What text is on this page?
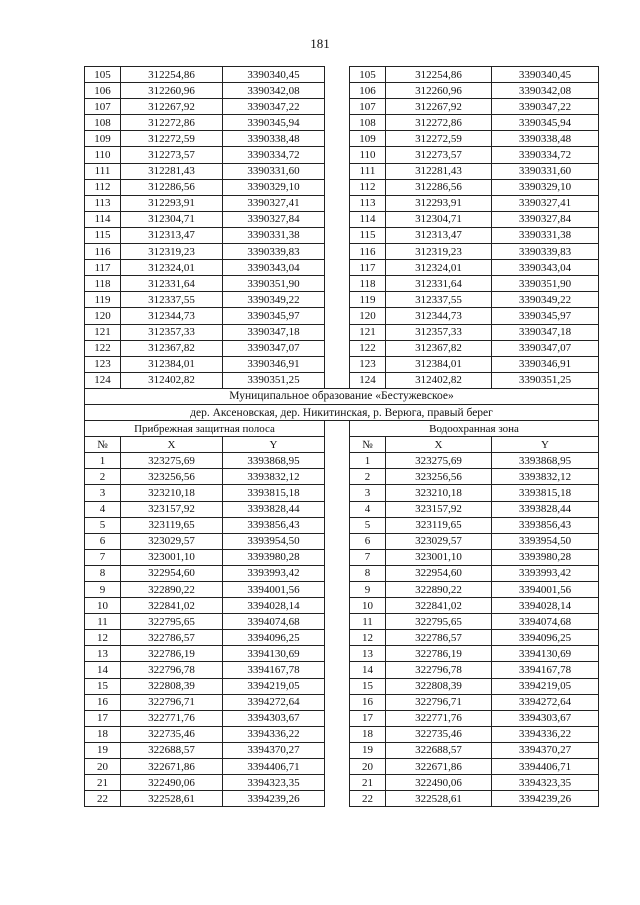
181
105	312254,86	3390340,45		105	312254,86	3390340,45
106	312260,96	3390342,08		106	312260,96	3390342,08
107	312267,92	3390347,22		107	312267,92	3390347,22
108	312272,86	3390345,94		108	312272,86	3390345,94
109	312272,59	3390338,48		109	312272,59	3390338,48
110	312273,57	3390334,72		110	312273,57	3390334,72
111	312281,43	3390331,60		111	312281,43	3390331,60
112	312286,56	3390329,10		112	312286,56	3390329,10
113	312293,91	3390327,41		113	312293,91	3390327,41
114	312304,71	3390327,84		114	312304,71	3390327,84
115	312313,47	3390331,38		115	312313,47	3390331,38
116	312319,23	3390339,83		116	312319,23	3390339,83
117	312324,01	3390343,04		117	312324,01	3390343,04
118	312331,64	3390351,90		118	312331,64	3390351,90
119	312337,55	3390349,22		119	312337,55	3390349,22
120	312344,73	3390345,97		120	312344,73	3390345,97
121	312357,33	3390347,18		121	312357,33	3390347,18
122	312367,82	3390347,07		122	312367,82	3390347,07
123	312384,01	3390346,91		123	312384,01	3390346,91
124	312402,82	3390351,25		124	312402,82	3390351,25
Муниципальное образование «Бестужевское»						
дер. Аксеновская, дер. Никитинская, р. Верюга, правый берег						
Прибрежная защитная полоса				Водоохранная зона		
№	X	Y		№	X	Y
1	323275,69	3393868,95		1	323275,69	3393868,95
2	323256,56	3393832,12		2	323256,56	3393832,12
3	323210,18	3393815,18		3	323210,18	3393815,18
4	323157,92	3393828,44		4	323157,92	3393828,44
5	323119,65	3393856,43		5	323119,65	3393856,43
6	323029,57	3393954,50		6	323029,57	3393954,50
7	323001,10	3393980,28		7	323001,10	3393980,28
8	322954,60	3393993,42		8	322954,60	3393993,42
9	322890,22	3394001,56		9	322890,22	3394001,56
10	322841,02	3394028,14		10	322841,02	3394028,14
11	322795,65	3394074,68		11	322795,65	3394074,68
12	322786,57	3394096,25		12	322786,57	3394096,25
13	322786,19	3394130,69		13	322786,19	3394130,69
14	322796,78	3394167,78		14	322796,78	3394167,78
15	322808,39	3394219,05		15	322808,39	3394219,05
16	322796,71	3394272,64		16	322796,71	3394272,64
17	322771,76	3394303,67		17	322771,76	3394303,67
18	322735,46	3394336,22		18	322735,46	3394336,22
19	322688,57	3394370,27		19	322688,57	3394370,27
20	322671,86	3394406,71		20	322671,86	3394406,71
21	322490,06	3394323,35		21	322490,06	3394323,35
22	322528,61	3394239,26		22	322528,61	3394239,26
